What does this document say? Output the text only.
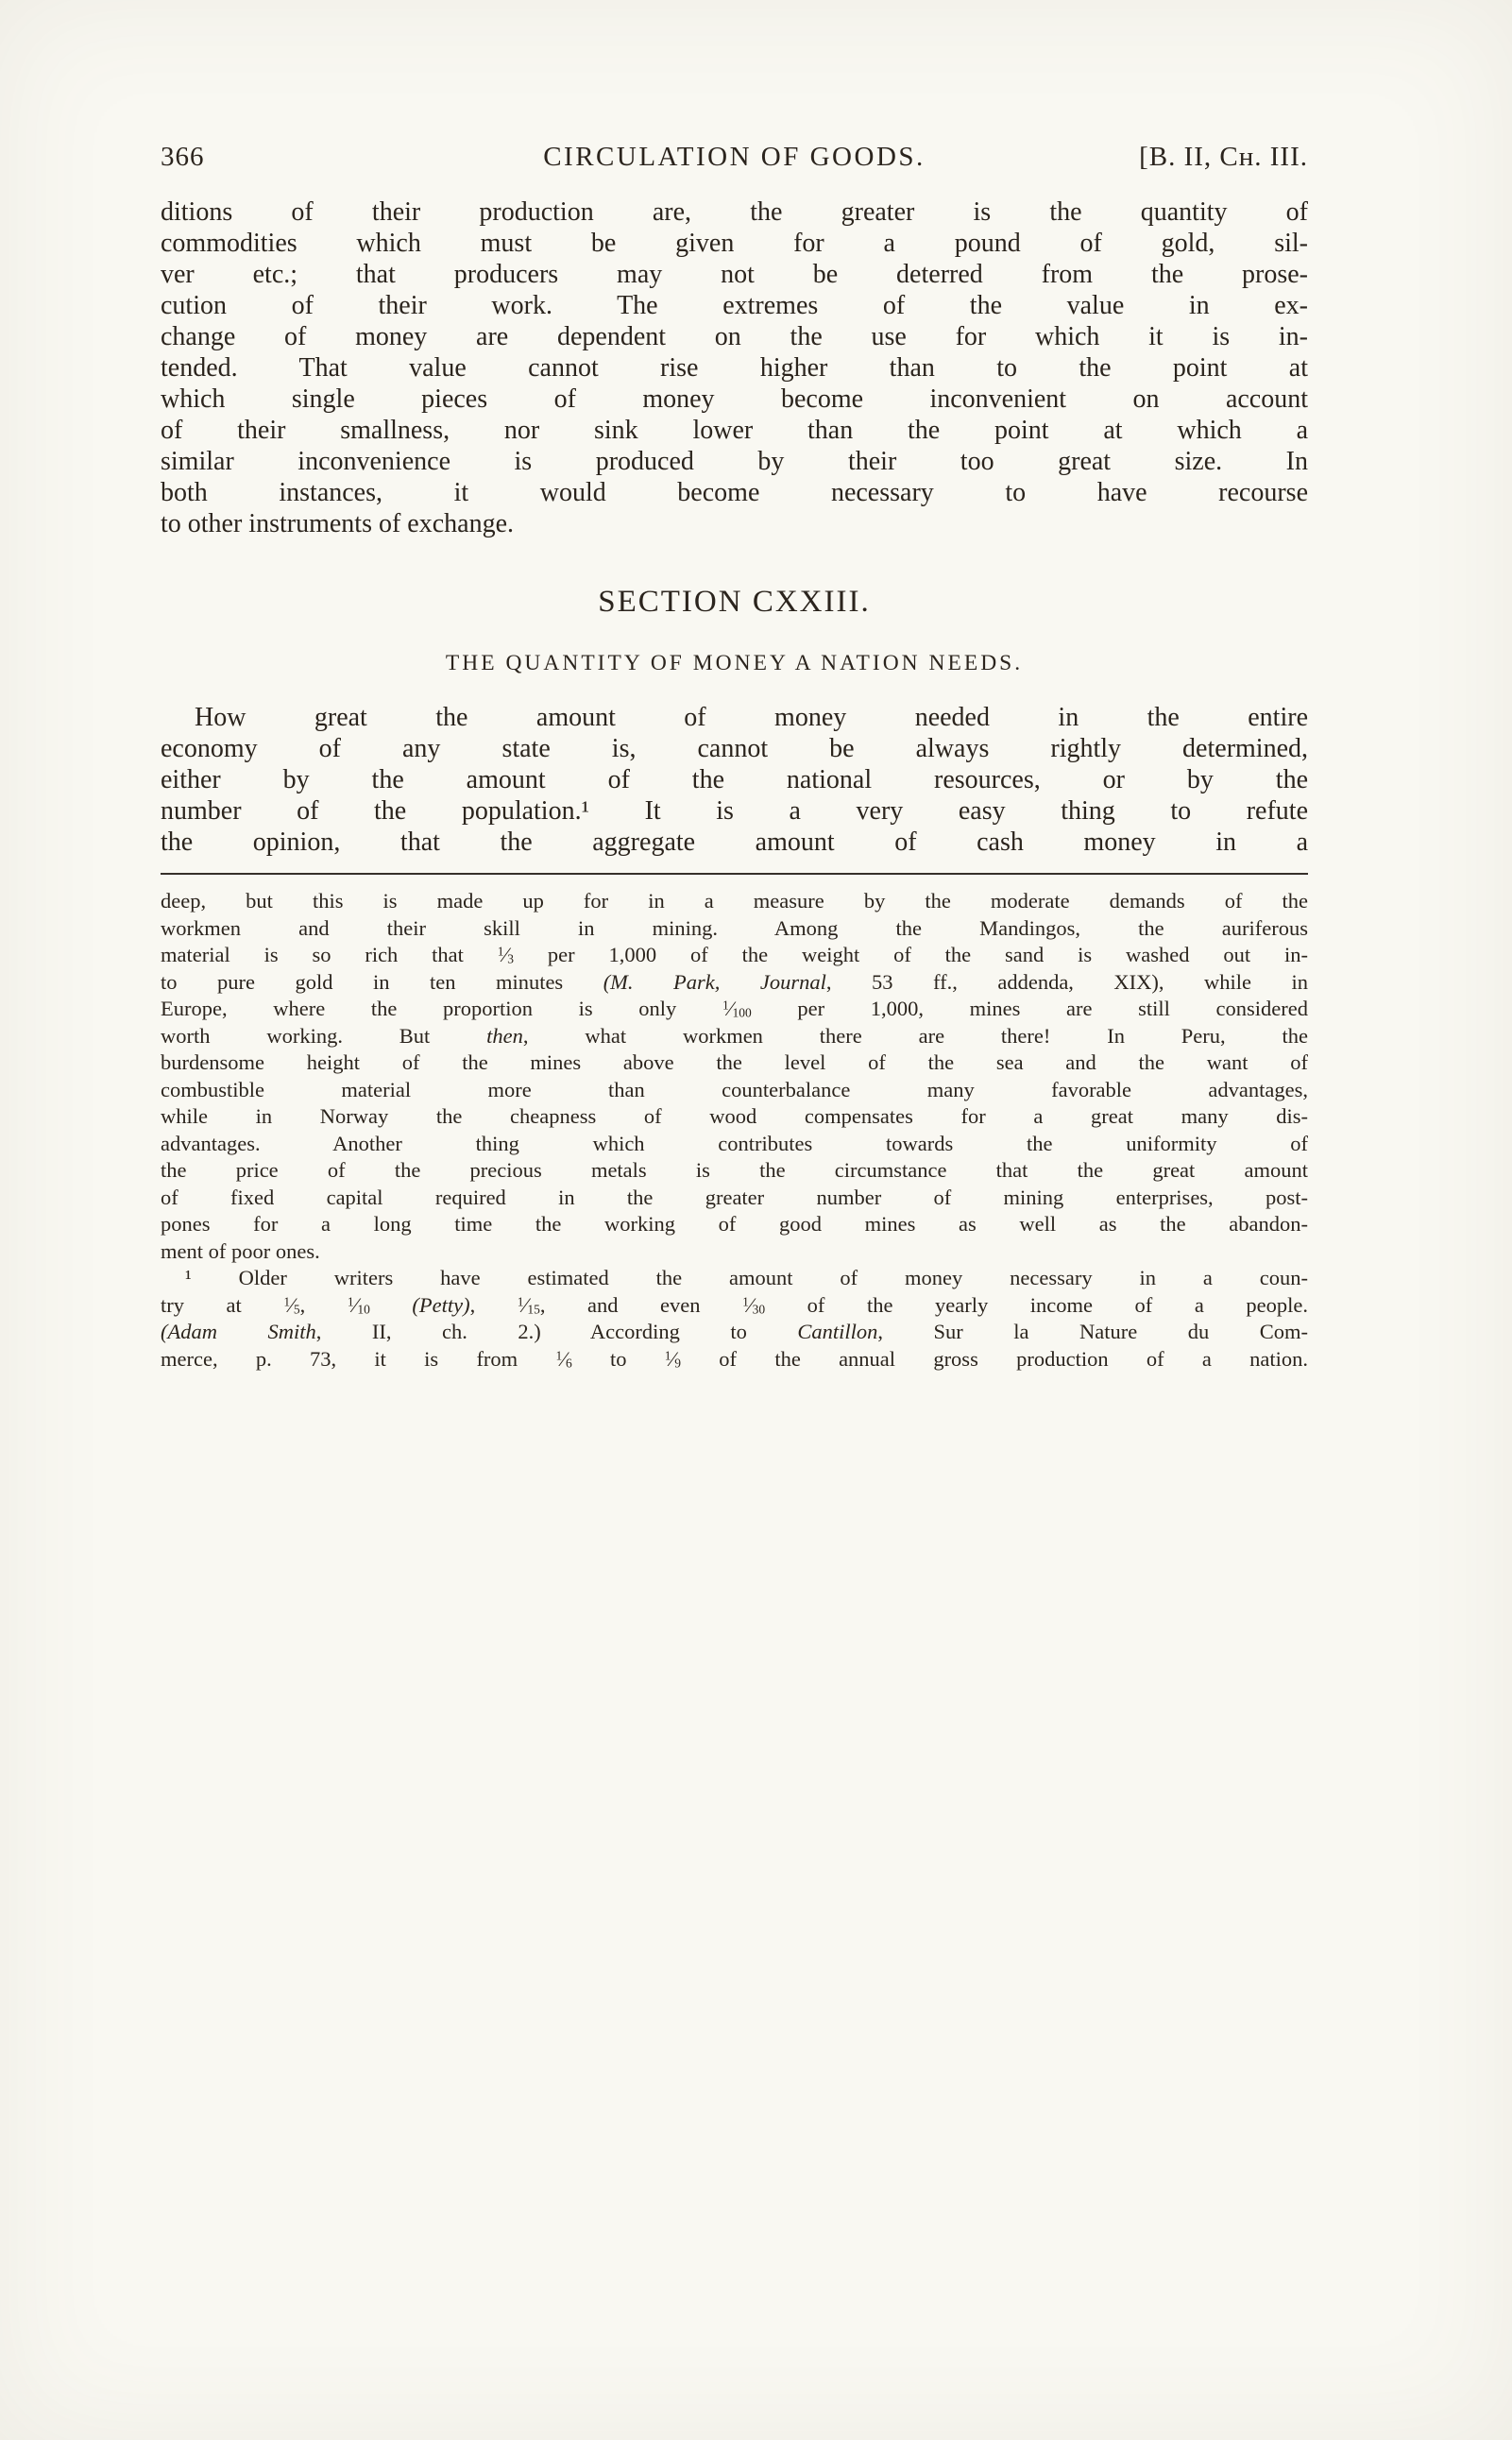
366	CIRCULATION OF GOODS.	[B. II, Cʜ. III.
ditions of their production are, the greater is the quantity of
commodities which must be given for a pound of gold, sil-
ver etc.; that producers may not be deterred from the prose-
cution of their work. The extremes of the value in ex-
change of money are dependent on the use for which it is in-
tended. That value cannot rise higher than to the point at
which single pieces of money become inconvenient on account
of their smallness, nor sink lower than the point at which a
similar inconvenience is produced by their too great size. In
both instances, it would become necessary to have recourse
to other instruments of exchange.
SECTION CXXIII.
THE QUANTITY OF MONEY A NATION NEEDS.
How great the amount of money needed in the entire
economy of any state is, cannot be always rightly determined,
either by the amount of the national resources, or by the
number of the population.¹ It is a very easy thing to refute
the opinion, that the aggregate amount of cash money in a
deep, but this is made up for in a measure by the moderate demands of the
workmen and their skill in mining. Among the Mandingos, the auriferous
material is so rich that $^1⁄_3$ per 1,000 of the weight of the sand is washed out in-
to pure gold in ten minutes (M. Park, Journal, 53 ff., addenda, XIX), while in
Europe, where the proportion is only $^1⁄_{100}$ per 1,000, mines are still considered
worth working. But then, what workmen there are there! In Peru, the
burdensome height of the mines above the level of the sea and the want of
combustible material more than counterbalance many favorable advantages,
while in Norway the cheapness of wood compensates for a great many dis-
advantages. Another thing which contributes towards the uniformity of
the price of the precious metals is the circumstance that the great amount
of fixed capital required in the greater number of mining enterprises, post-
pones for a long time the working of good mines as well as the abandon-
ment of poor ones.
¹ Older writers have estimated the amount of money necessary in a coun-
try at $^1⁄_5$, $^1⁄_{10}$ (Petty), $^1⁄_{15}$, and even $^1⁄_{30}$ of the yearly income of a people.
(Adam Smith, II, ch. 2.) According to Cantillon, Sur la Nature du Com-
merce, p. 73, it is from $^1⁄_6$ to $^1⁄_9$ of the annual gross production of a nation.
